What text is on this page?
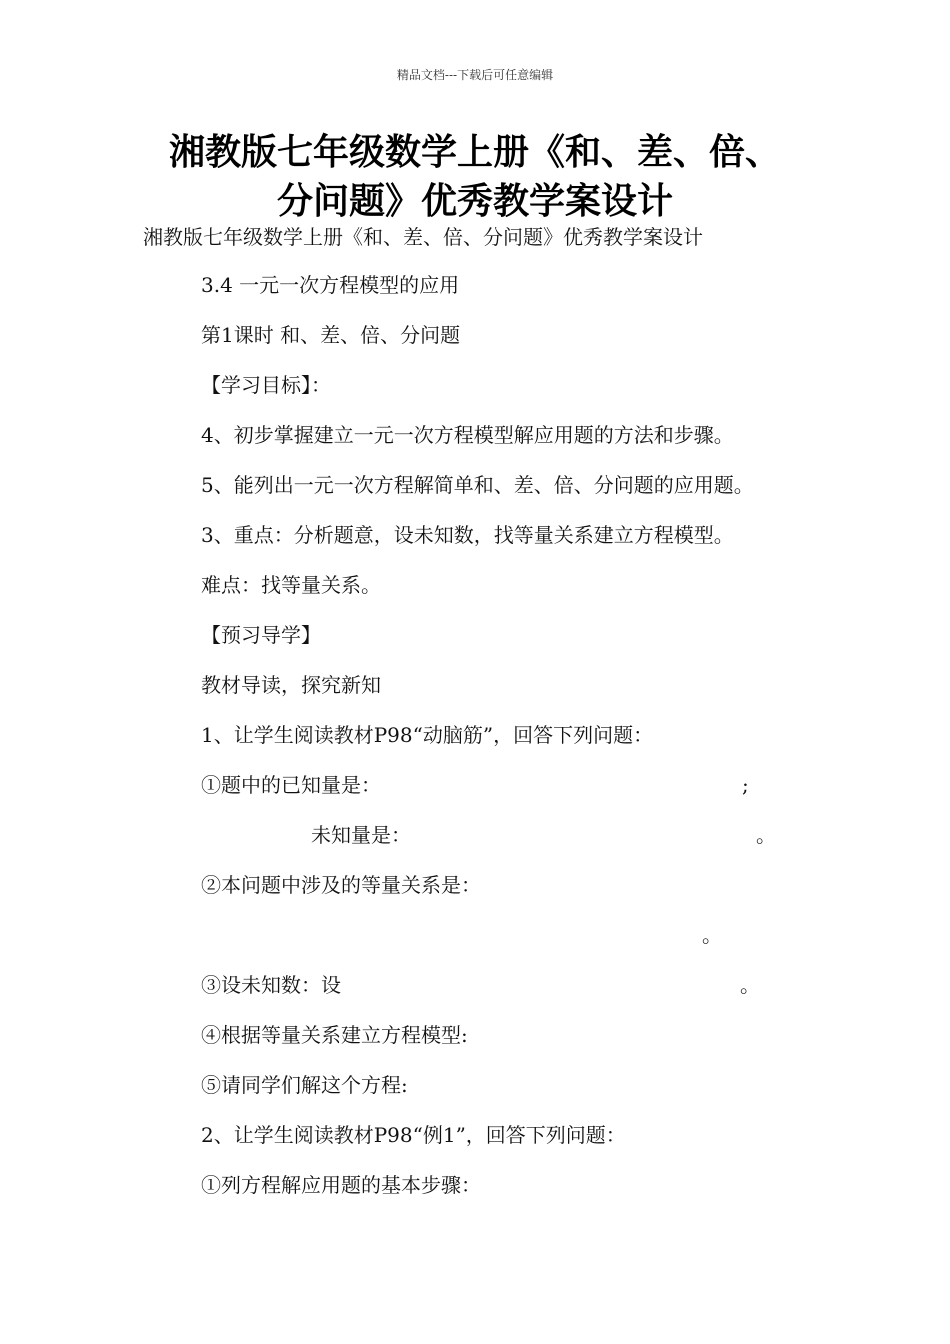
精品文档---下载后可任意编辑
湘教版七年级数学上册《和、差、倍、
分问题》优秀教学案设计
湘教版七年级数学上册《和、差、倍、分问题》优秀教学案设计
3.4 一元一次方程模型的应用
第1课时 和、差、倍、分问题
【学习目标】：
4、初步掌握建立一元一次方程模型解应用题的方法和步骤。
5、能列出一元一次方程解简单和、差、倍、分问题的应用题。
3、重点：分析题意，设未知数，找等量关系建立方程模型。
难点：找等量关系。
【预习导学】
教材导读，探究新知
1、让学生阅读教材P98“动脑筋”，回答下列问题：
①题中的已知量是：	;
未知量是：	。
②本问题中涉及的等量关系是：
。
③设未知数：设	。
④根据等量关系建立方程模型:
⑤请同学们解这个方程:
2、让学生阅读教材P98“例1”，回答下列问题：
①列方程解应用题的基本步骤：
